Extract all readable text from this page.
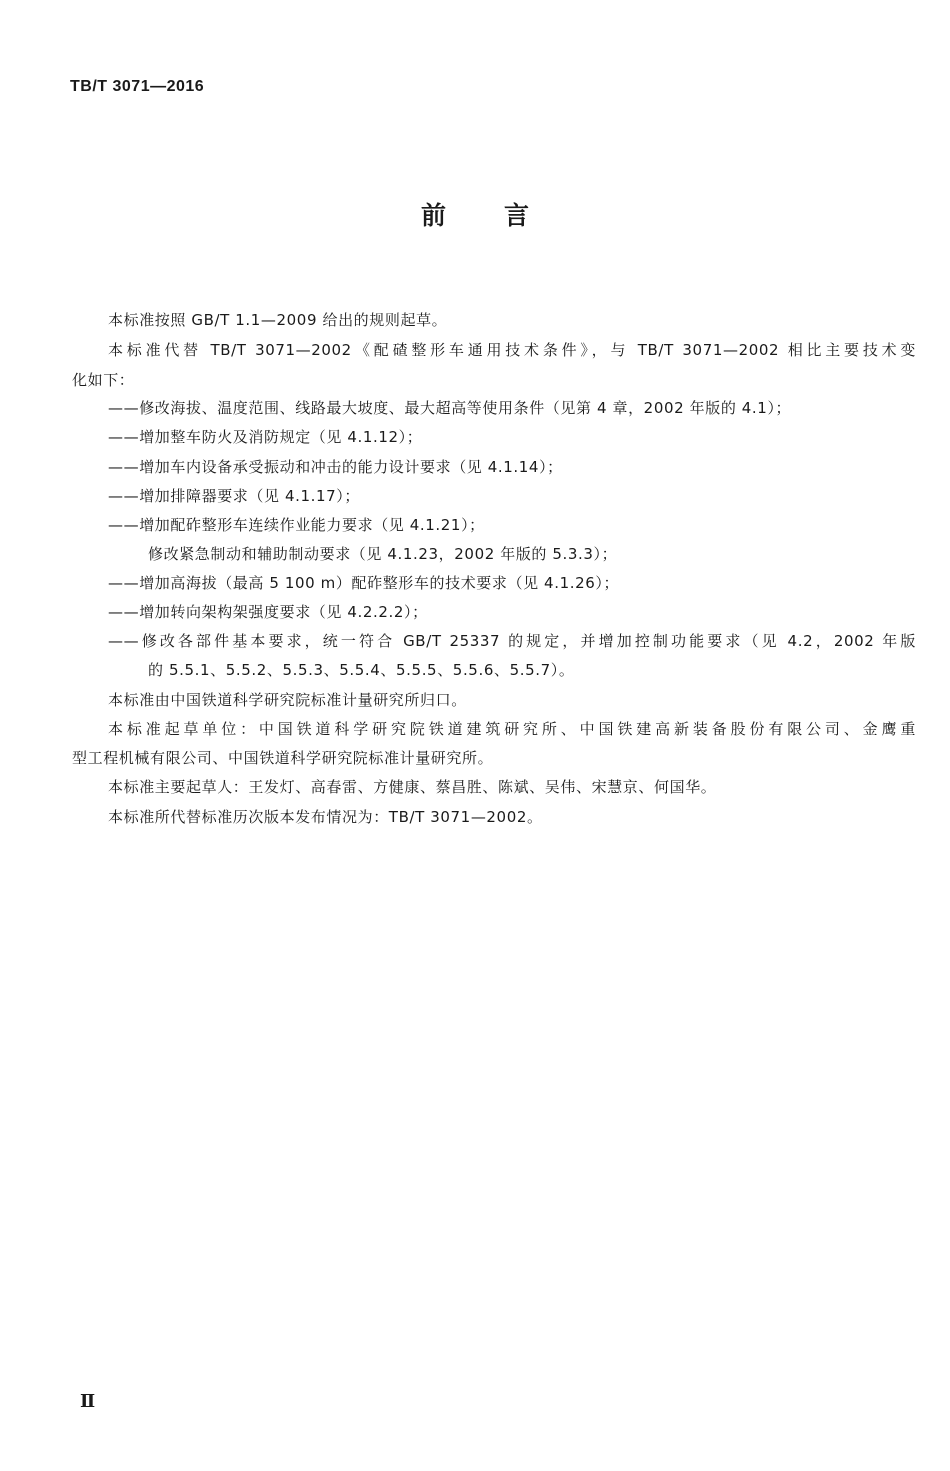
TB/T 3071—2016
前言
本标准按照 GB/T 1.1—2009 给出的规则起草。
本标准代替 TB/T 3071—2002《配碴整形车通用技术条件》，与 TB/T 3071—2002 相比主要技术变
化如下：
——修改海拔、温度范围、线路最大坡度、最大超高等使用条件（见第 4 章，2002 年版的 4.1）；
——增加整车防火及消防规定（见 4.1.12）；
——增加车内设备承受振动和冲击的能力设计要求（见 4.1.14）；
——增加排障器要求（见 4.1.17）；
——增加配砟整形车连续作业能力要求（见 4.1.21）；
修改紧急制动和辅助制动要求（见 4.1.23，2002 年版的 5.3.3）；
——增加高海拔（最高 5 100 m）配砟整形车的技术要求（见 4.1.26）；
——增加转向架构架强度要求（见 4.2.2.2）；
——修改各部件基本要求，统一符合 GB/T 25337 的规定，并增加控制功能要求（见 4.2，2002 年版
的 5.5.1、5.5.2、5.5.3、5.5.4、5.5.5、5.5.6、5.5.7）。
本标准由中国铁道科学研究院标准计量研究所归口。
本标准起草单位：中国铁道科学研究院铁道建筑研究所、中国铁建高新装备股份有限公司、金鹰重
型工程机械有限公司、中国铁道科学研究院标准计量研究所。
本标准主要起草人：王发灯、高春雷、方健康、蔡昌胜、陈斌、吴伟、宋慧京、何国华。
本标准所代替标准历次版本发布情况为：TB/T 3071—2002。
Ⅱ
